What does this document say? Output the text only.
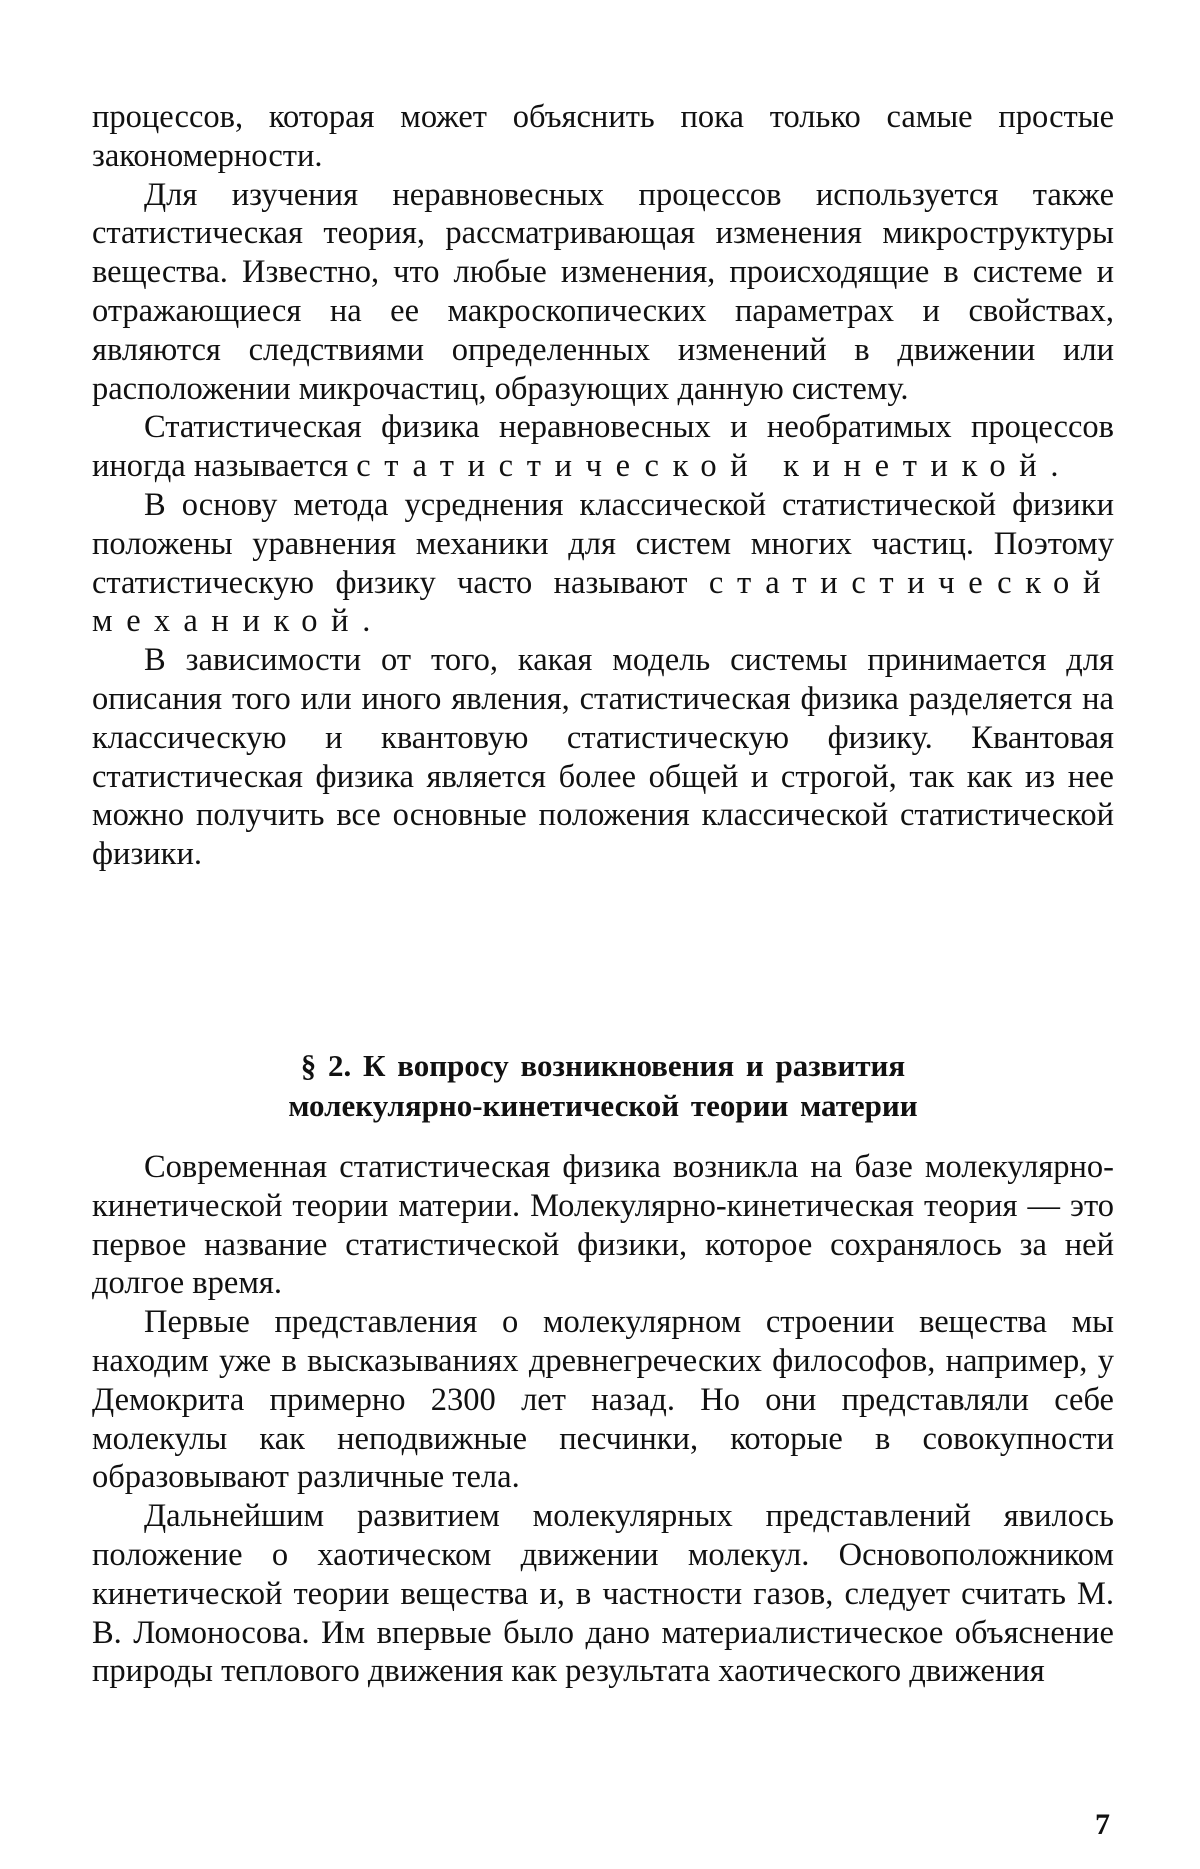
процессов, которая может объяснить пока только самые простые закономерности.

Для изучения неравновесных процессов используется также статистическая теория, рассматривающая изменения микроструктуры вещества. Известно, что любые изменения, происходящие в системе и отражающиеся на ее макроскопических параметрах и свойствах, являются следствиями определенных изменений в движении или расположении микрочастиц, образующих данную систему.

Статистическая физика неравновесных и необратимых процессов иногда называется статистической кинетикой.

В основу метода усреднения классической статистической физики положены уравнения механики для систем многих частиц. Поэтому статистическую физику часто называют статистической механикой.

В зависимости от того, какая модель системы принимается для описания того или иного явления, статистическая физика разделяется на классическую и квантовую статистическую физику. Квантовая статистическая физика является более общей и строгой, так как из нее можно получить все основные положения классической статистической физики.

§ 2. К вопросу возникновения и развития
молекулярно-кинетической теории материи

Современная статистическая физика возникла на базе молекулярно-кинетической теории материи. Молекулярно-кинетическая теория — это первое название статистической физики, которое сохранялось за ней долгое время.

Первые представления о молекулярном строении вещества мы находим уже в высказываниях древнегреческих философов, например, у Демокрита примерно 2300 лет назад. Но они представляли себе молекулы как неподвижные песчинки, которые в совокупности образовывают различные тела.

Дальнейшим развитием молекулярных представлений явилось положение о хаотическом движении молекул. Основоположником кинетической теории вещества и, в частности газов, следует считать М. В. Ломоносова. Им впервые было дано материалистическое объяснение природы теплового движения как результата хаотического движения

7
